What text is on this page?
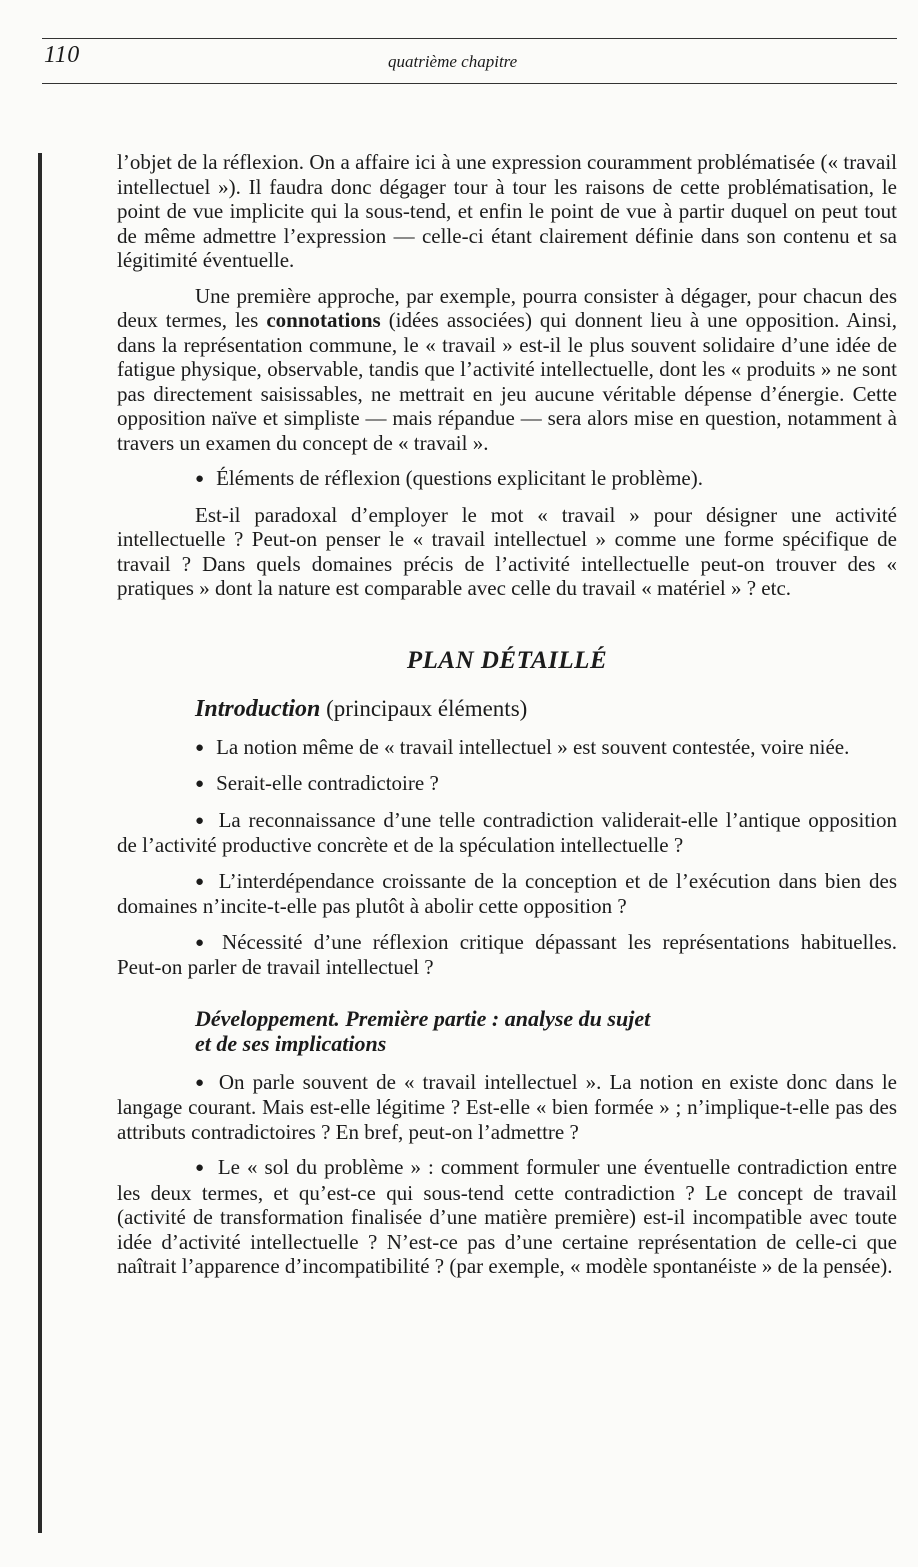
110	quatrième chapitre

l’objet de la réflexion. On a affaire ici à une expression couramment problématisée (« travail intellectuel »). Il faudra donc dégager tour à tour les raisons de cette problématisation, le point de vue implicite qui la sous-tend, et enfin le point de vue à partir duquel on peut tout de même admettre l’expression — celle-ci étant clairement définie dans son contenu et sa légitimité éventuelle.

Une première approche, par exemple, pourra consister à dégager, pour chacun des deux termes, les connotations (idées associées) qui donnent lieu à une opposition. Ainsi, dans la représentation commune, le « travail » est-il le plus souvent solidaire d’une idée de fatigue physique, observable, tandis que l’activité intellectuelle, dont les « produits » ne sont pas directement saisissables, ne mettrait en jeu aucune véritable dépense d’énergie. Cette opposition naïve et simpliste — mais répandue — sera alors mise en question, notamment à travers un examen du concept de « travail ».

● Éléments de réflexion (questions explicitant le problème).

Est-il paradoxal d’employer le mot « travail » pour désigner une activité intellectuelle ? Peut-on penser le « travail intellectuel » comme une forme spécifique de travail ? Dans quels domaines précis de l’activité intellectuelle peut-on trouver des « pratiques » dont la nature est comparable avec celle du travail « matériel » ? etc.

PLAN DÉTAILLÉ
Introduction (principaux éléments)

● La notion même de « travail intellectuel » est souvent contestée, voire niée.

● Serait-elle contradictoire ?

● La reconnaissance d’une telle contradiction validerait-elle l’antique opposition de l’activité productive concrète et de la spéculation intellectuelle ?

● L’interdépendance croissante de la conception et de l’exécution dans bien des domaines n’incite-t-elle pas plutôt à abolir cette opposition ?

● Nécessité d’une réflexion critique dépassant les représentations habituelles. Peut-on parler de travail intellectuel ?

Développement. Première partie : analyse du sujet
et de ses implications

● On parle souvent de « travail intellectuel ». La notion en existe donc dans le langage courant. Mais est-elle légitime ? Est-elle « bien formée » ; n’implique-t-elle pas des attributs contradictoires ? En bref, peut-on l’admettre ?

● Le « sol du problème » : comment formuler une éventuelle contradiction entre les deux termes, et qu’est-ce qui sous-tend cette contradiction ? Le concept de travail (activité de transformation finalisée d’une matière première) est-il incompatible avec toute idée d’activité intellectuelle ? N’est-ce pas d’une certaine représentation de celle-ci que naîtrait l’apparence d’incompatibilité ? (par exemple, « modèle spontanéiste » de la pensée).
